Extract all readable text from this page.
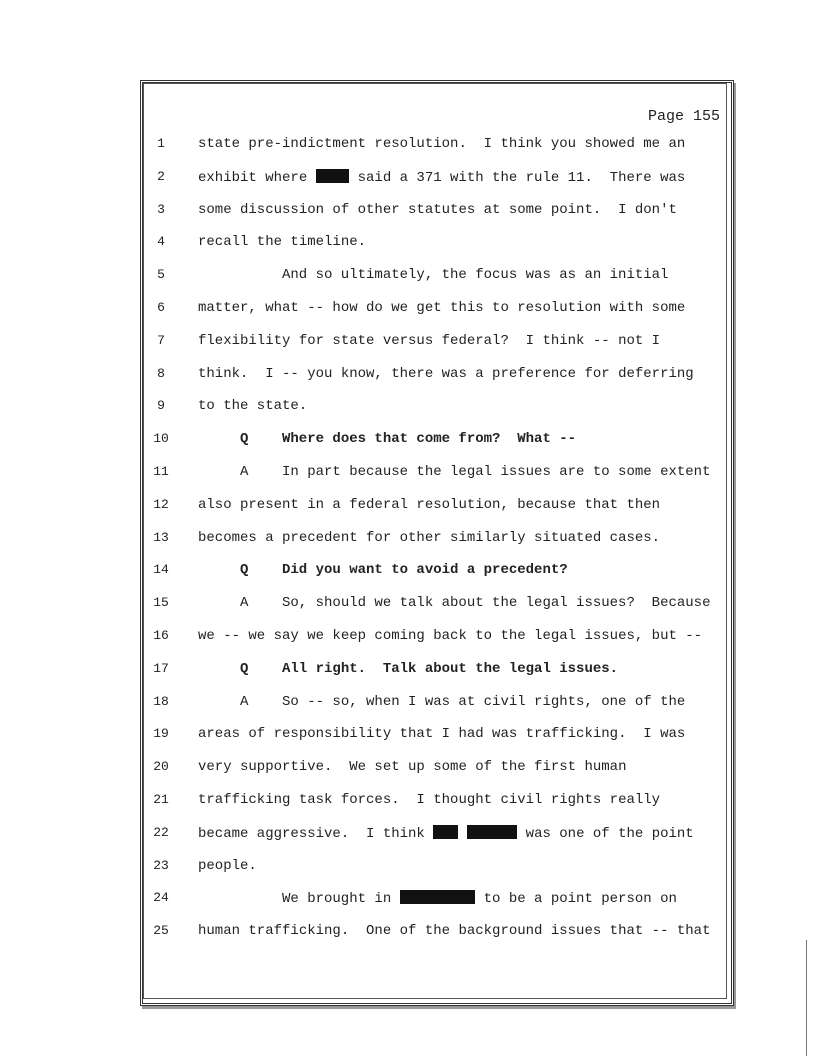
Page 155
1	state pre-indictment resolution.  I think you showed me an
2	exhibit where  said a 371 with the rule 11.  There was
3	some discussion of other statutes at some point.  I don't
4	recall the timeline.
5	And so ultimately, the focus was as an initial
6	matter, what -- how do we get this to resolution with some
7	flexibility for state versus federal?  I think -- not I
8	think.  I -- you know, there was a preference for deferring
9	to the state.
10	Q    Where does that come from?  What --
11	A    In part because the legal issues are to some extent
12 also present in a federal resolution, because that then
13 becomes a precedent for other similarly situated cases.
14	Q    Did you want to avoid a precedent?
15	A    So, should we talk about the legal issues?  Because
16 we -- we say we keep coming back to the legal issues, but --
17	Q    All right.  Talk about the legal issues.
18	A    So -- so, when I was at civil rights, one of the
19 areas of responsibility that I had was trafficking.  I was
20 very supportive.  We set up some of the first human
21 trafficking task forces.  I thought civil rights really
22 became aggressive.  I think	was one of the point
23 people.
24	We brought in	to be a point person on
25 human trafficking.  One of the background issues that -- that
